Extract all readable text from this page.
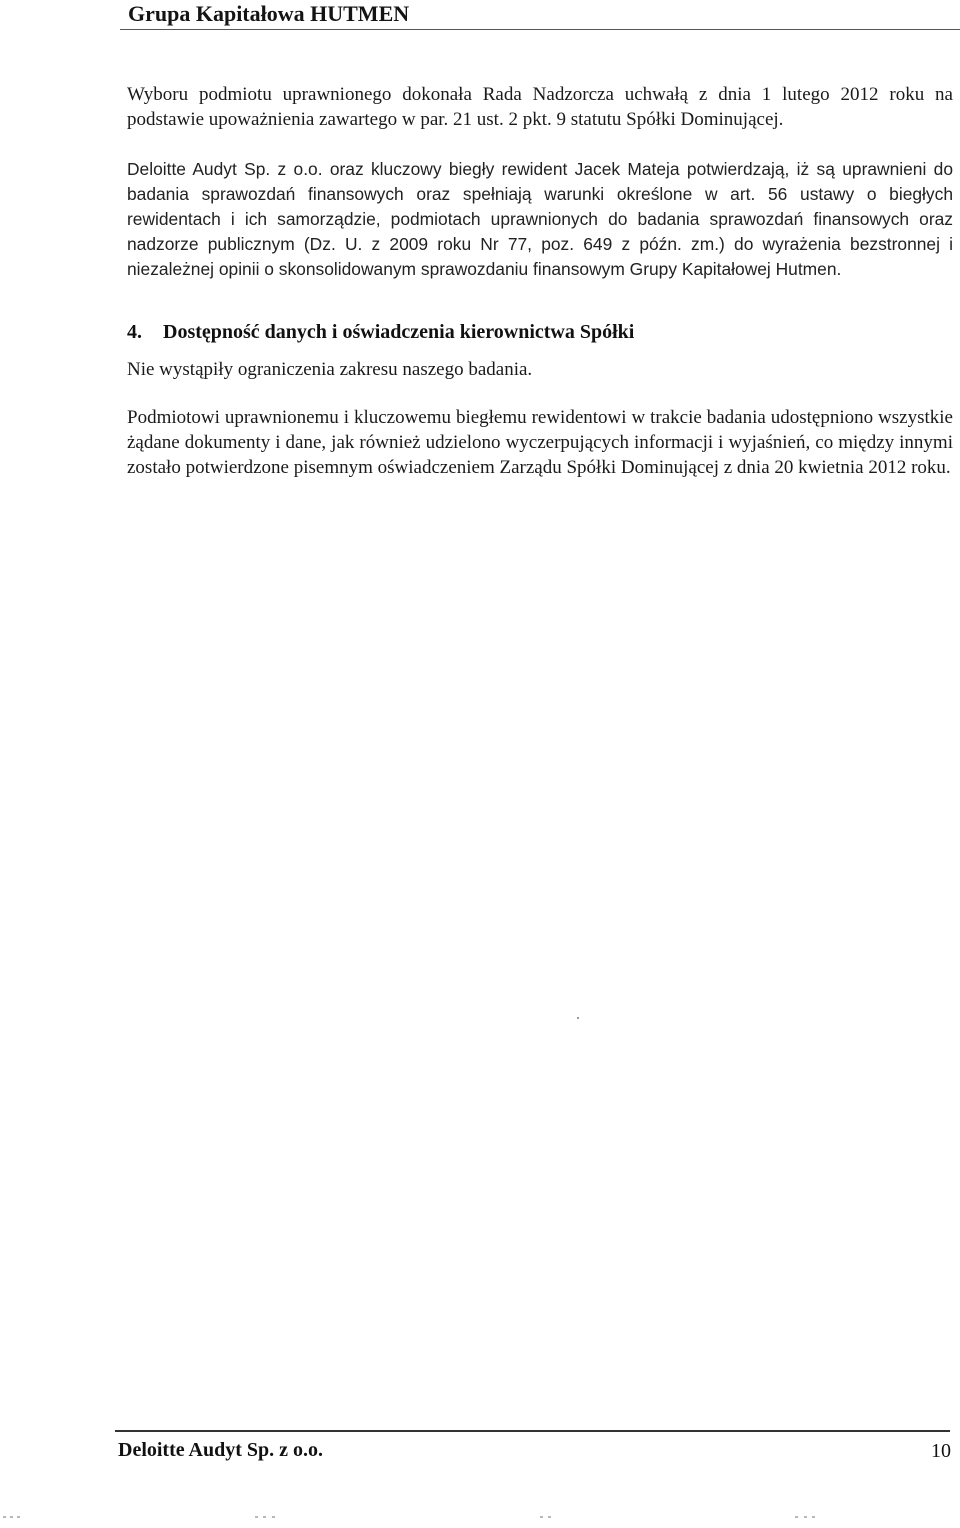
Grupa Kapitałowa HUTMEN

Wyboru podmiotu uprawnionego dokonała Rada Nadzorcza uchwałą z dnia 1 lutego 2012 roku na podstawie upoważnienia zawartego w par. 21 ust. 2 pkt. 9 statutu Spółki Dominującej.

Deloitte Audyt Sp. z o.o. oraz kluczowy biegły rewident Jacek Mateja potwierdzają, iż są uprawnieni do badania sprawozdań finansowych oraz spełniają warunki określone w art. 56 ustawy o biegłych rewidentach i ich samorządzie, podmiotach uprawnionych do badania sprawozdań finansowych oraz nadzorze publicznym (Dz. U. z 2009 roku Nr 77, poz. 649 z późn. zm.) do wyrażenia bezstronnej i niezależnej opinii o skonsolidowanym sprawozdaniu finansowym Grupy Kapitałowej Hutmen.

4. Dostępność danych i oświadczenia kierownictwa Spółki

Nie wystąpiły ograniczenia zakresu naszego badania.

Podmiotowi uprawnionemu i kluczowemu biegłemu rewidentowi w trakcie badania udostępniono wszystkie żądane dokumenty i dane, jak również udzielono wyczerpujących informacji i wyjaśnień, co między innymi zostało potwierdzone pisemnym oświadczeniem Zarządu Spółki Dominującej z dnia 20 kwietnia 2012 roku.

Deloitte Audyt Sp. z o.o.	10
